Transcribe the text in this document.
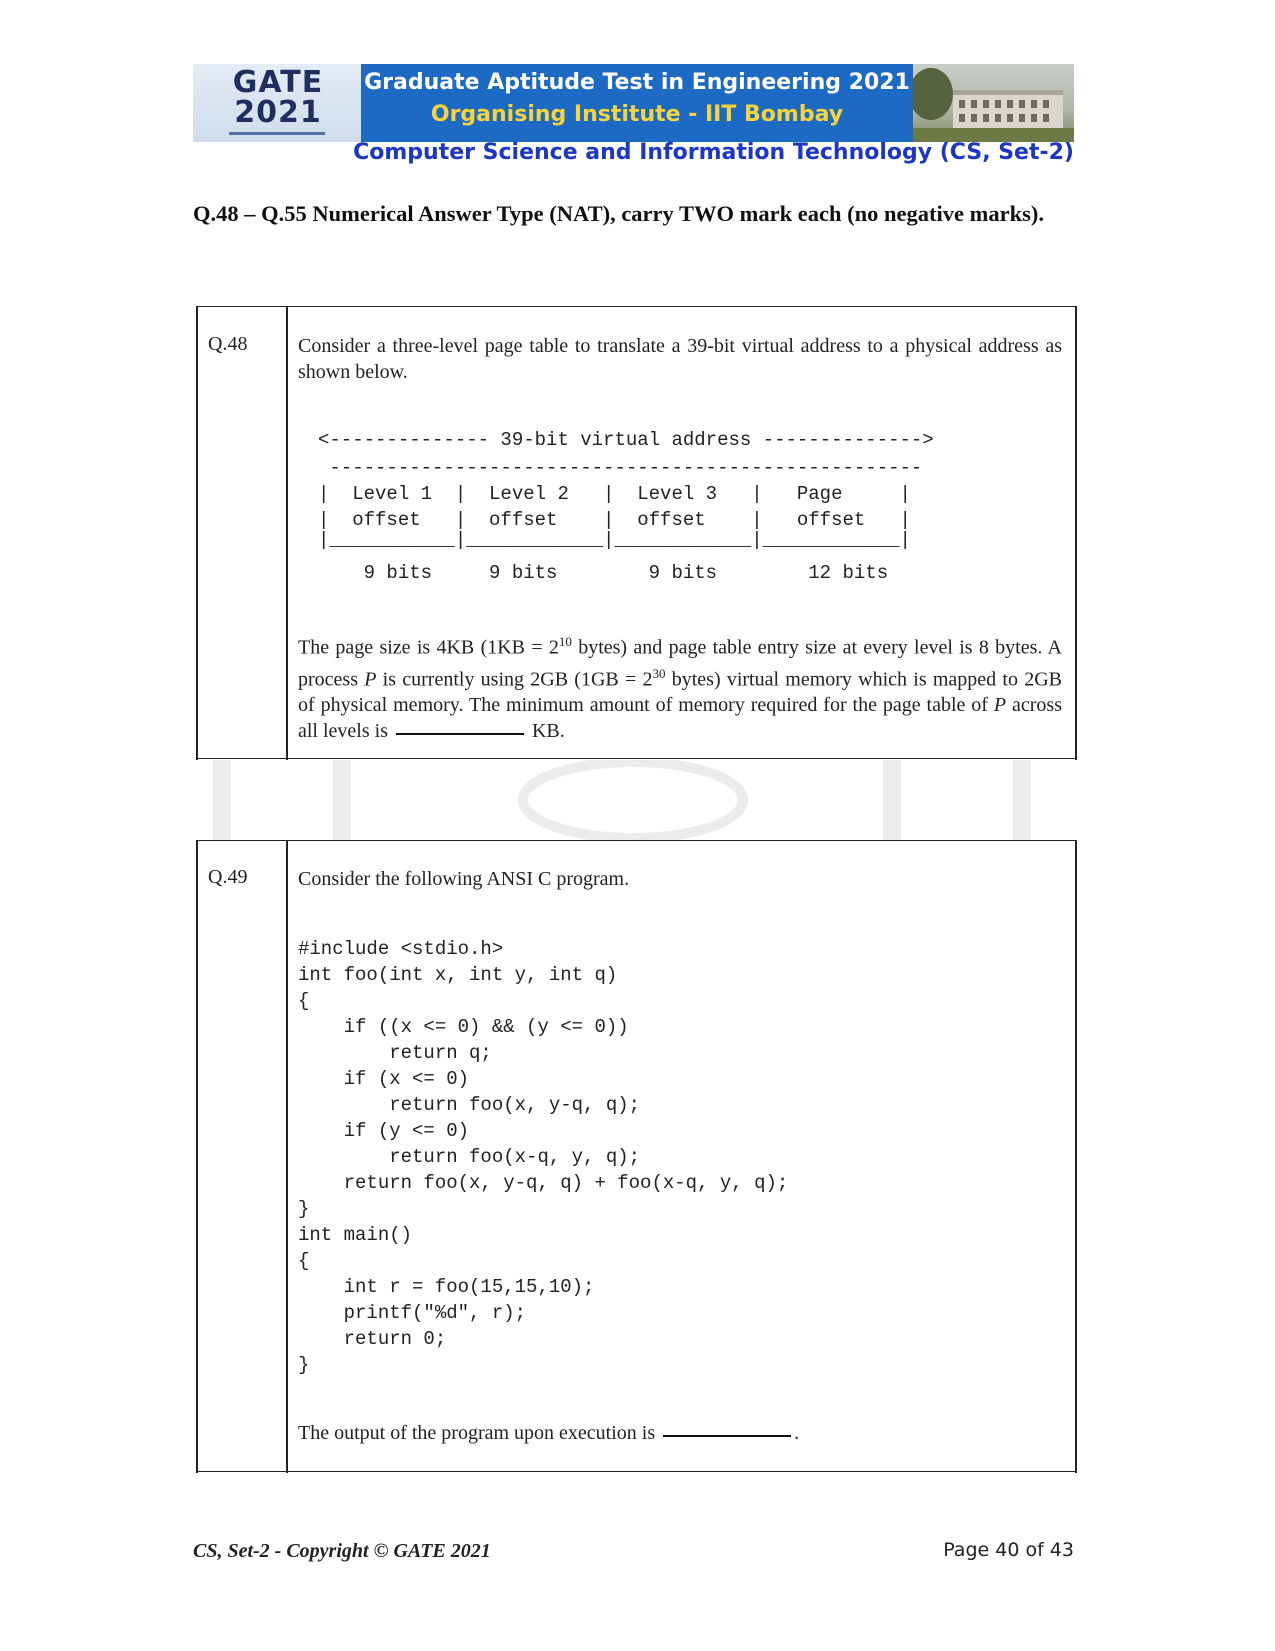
GATE
2021
Graduate Aptitude Test in Engineering 2021
Organising Institute - IIT Bombay
Computer Science and Information Technology (CS, Set-2)
Q.48 – Q.55 Numerical Answer Type (NAT), carry TWO mark each (no negative marks).
Q.48	Consider a three-level page table to translate a 39-bit virtual address to a physical address as shown below.
<-------------- 39-bit virtual address -------------->
----------------------------------------------------
|  Level 1  |  Level 2   |  Level 3   |   Page     |
|  offset   |  offset    |  offset    |   offset   |
|___________|____________|____________|____________|
9 bits     9 bits        9 bits        12 bits
The page size is 4KB ($1KB = 2^{10}$ bytes) and page table entry size at every level is 8 bytes. A process P is currently using 2GB ($1GB = 2^{30}$ bytes) virtual memory which is mapped to 2GB of physical memory. The minimum amount of memory required for the page table of P across all levels is	KB.
Q.49	Consider the following ANSI C program.

#include <stdio.h>
int foo(int x, int y, int q)
{
if ((x <= 0) && (y <= 0))
return q;
if (x <= 0)
return foo(x, y-q, q);
if (y <= 0)
return foo(x-q, y, q);
return foo(x, y-q, q) + foo(x-q, y, q);
}
int main()
{
int r = foo(15,15,10);
printf("%d", r);
return 0;
}

The output of the program upon execution is	.
CS, Set-2 - Copyright © GATE 2021	Page 40 of 43
